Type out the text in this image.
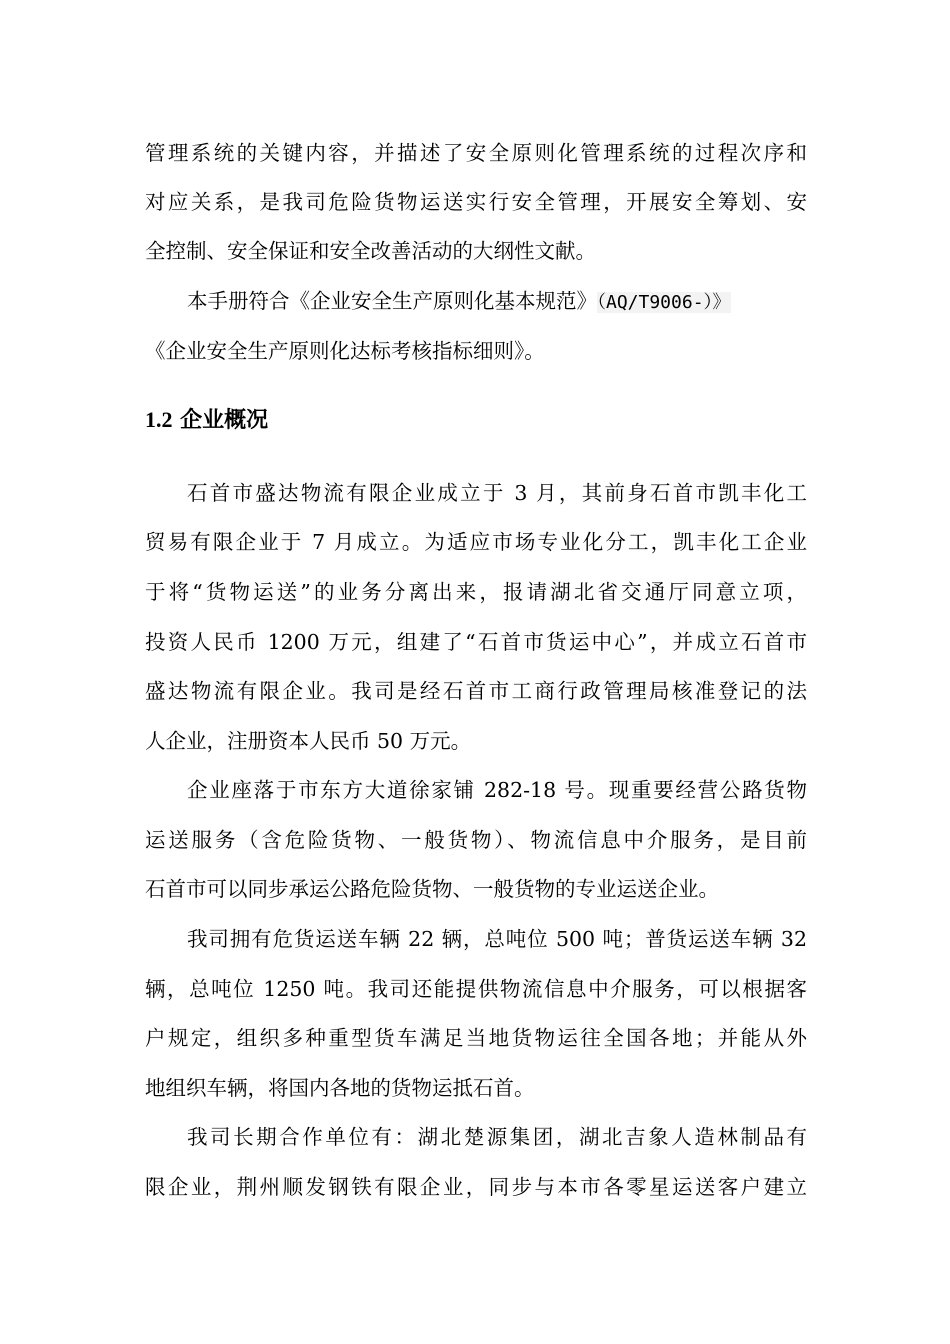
管理系统的关键内容，并描述了安全原则化管理系统的过程次序和
对应关系，是我司危险货物运送实行安全管理，开展安全筹划、安
全控制、安全保证和安全改善活动的大纲性文献。
本手册符合《企业安全生产原则化基本规范》（AQ/T9006-）》
《企业安全生产原则化达标考核指标细则》。
1.2 企业概况
石首市盛达物流有限企业成立于 3 月，其前身石首市凯丰化工
贸易有限企业于 7 月成立。为适应市场专业化分工，凯丰化工企业
于将“货物运送”的业务分离出来，报请湖北省交通厅同意立项，
投资人民币 1200 万元，组建了“石首市货运中心”，并成立石首市
盛达物流有限企业。我司是经石首市工商行政管理局核准登记的法
人企业，注册资本人民币 50 万元。
企业座落于市东方大道徐家铺 282-18 号。现重要经营公路货物
运送服务（含危险货物、一般货物）、物流信息中介服务，是目前
石首市可以同步承运公路危险货物、一般货物的专业运送企业。
我司拥有危货运送车辆 22 辆，总吨位 500 吨；普货运送车辆 32
辆，总吨位 1250 吨。我司还能提供物流信息中介服务，可以根据客
户规定，组织多种重型货车满足当地货物运往全国各地；并能从外
地组织车辆，将国内各地的货物运抵石首。
我司长期合作单位有：湖北楚源集团，湖北吉象人造林制品有
限企业，荆州顺发钢铁有限企业，同步与本市各零星运送客户建立
